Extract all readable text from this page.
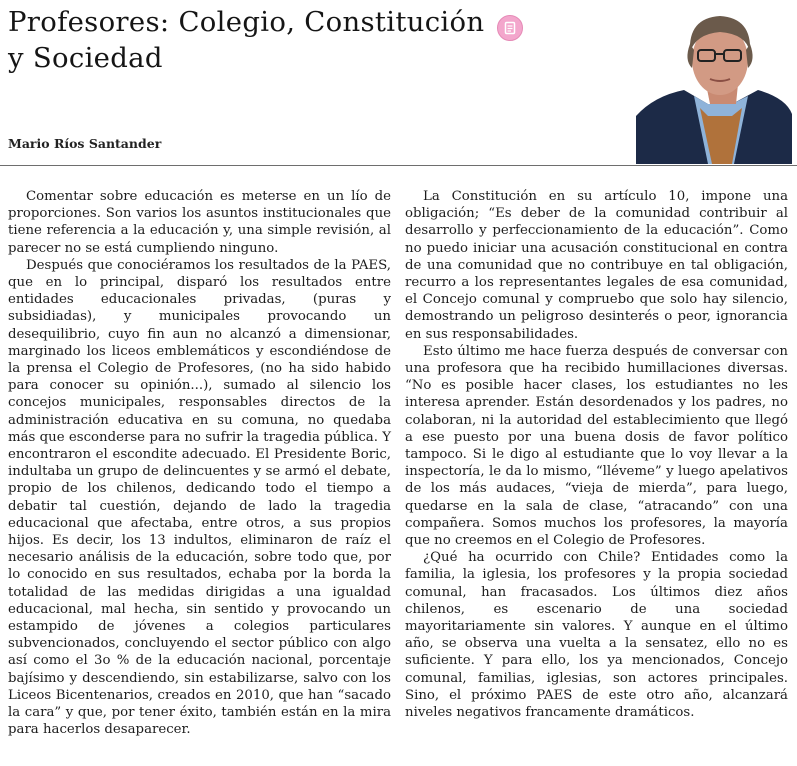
Profesores: Colegio, Constitución y Sociedad
Mario Ríos Santander

Comentar sobre educación es meterse en un lío de proporciones. Son varios los asuntos institucionales que tiene referencia a la educación y, una simple revisión, al parecer no se está cumpliendo ninguno.

Después que conociéramos los resultados de la PAES, que en lo principal, disparó los resultados entre entidades educacionales privadas, (puras y subsidiadas), y municipales provocando un desequilibrio, cuyo fin aun no alcanzó a dimensionar, marginado los liceos emblemáticos y escondiéndose de la prensa el Colegio de Profesores, (no ha sido habido para conocer su opinión...), sumado al silencio los concejos municipales, responsables directos de la administración educativa en su comuna, no quedaba más que esconderse para no sufrir la tragedia pública. Y encontraron el escondite adecuado. El Presidente Boric, indultaba un grupo de delincuentes y se armó el debate, propio de los chilenos, dedicando todo el tiempo a debatir tal cuestión, dejando de lado la tragedia educacional que afectaba, entre otros, a sus propios hijos. Es decir, los 13 indultos, eliminaron de raíz el necesario análisis de la educación, sobre todo que, por lo conocido en sus resultados, echaba por la borda la totalidad de las medidas dirigidas a una igualdad educacional, mal hecha, sin sentido y provocando un estampido de jóvenes a colegios particulares subvencionados, concluyendo el sector público con algo así como el 3o % de la educación nacional, porcentaje bajísimo y descendiendo, sin estabilizarse, salvo con los Liceos Bicentenarios, creados en 2010, que han “sacado la cara” y que, por tener éxito, también están en la mira para hacerlos desaparecer.

La Constitución en su artículo 10, impone una obligación; “Es deber de la comunidad contribuir al desarrollo y perfeccionamiento de la educación”. Como no puedo iniciar una acusación constitucional en contra de una comunidad que no contribuye en tal obligación, recurro a los representantes legales de esa comunidad, el Concejo comunal y compruebo que solo hay silencio, demostrando un peligroso desinterés o peor, ignorancia en sus responsabilidades.

Esto último me hace fuerza después de conversar con una profesora que ha recibido humillaciones diversas. “No es posible hacer clases, los estudiantes no les interesa aprender. Están desordenados y los padres, no colaboran, ni la autoridad del establecimiento que llegó a ese puesto por una buena dosis de favor político tampoco. Si le digo al estudiante que lo voy llevar a la inspectoría, le da lo mismo, “lléveme” y luego apelativos de los más audaces, “vieja de mierda”, para luego, quedarse en la sala de clase, “atracando” con una compañera. Somos muchos los profesores, la mayoría que no creemos en el Colegio de Profesores.

¿Qué ha ocurrido con Chile? Entidades como la familia, la iglesia, los profesores y la propia sociedad comunal, han fracasados. Los últimos diez años chilenos, es escenario de una sociedad mayoritariamente sin valores. Y aunque en el último año, se observa una vuelta a la sensatez, ello no es suficiente. Y para ello, los ya mencionados, Concejo comunal, familias, iglesias, son actores principales. Sino, el próximo PAES de este otro año, alcanzará niveles negativos francamente dramáticos.
